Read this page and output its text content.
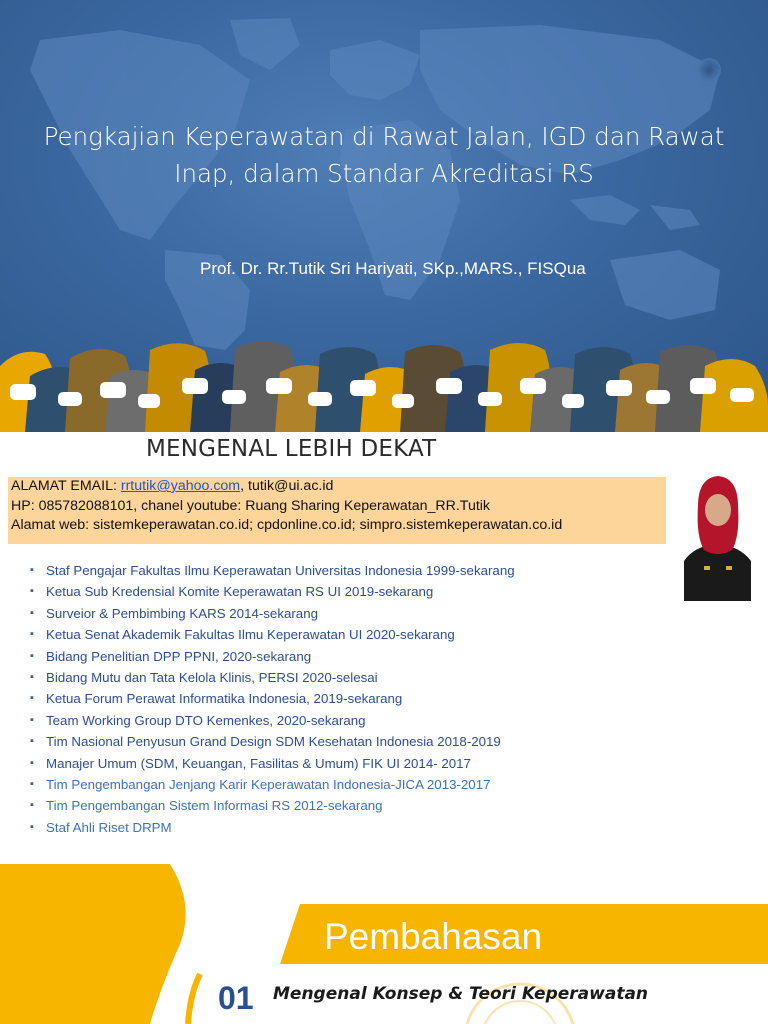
Pengkajian Keperawatan di Rawat Jalan, IGD dan Rawat Inap, dalam Standar Akreditasi RS
Prof. Dr. Rr.Tutik Sri Hariyati, SKp.,MARS., FISQua
MENGENAL LEBIH DEKAT
ALAMAT EMAIL: rrtutik@yahoo.com, tutik@ui.ac.id
HP: 085782088101, chanel youtube: Ruang Sharing Keperawatan_RR.Tutik
Alamat web: sistemkeperawatan.co.id; cpdonline.co.id; simpro.sistemkeperawatan.co.id
▪ Staf Pengajar Fakultas Ilmu Keperawatan Universitas Indonesia 1999-sekarang
▪ Ketua Sub Kredensial Komite Keperawatan RS UI 2019-sekarang
▪ Surveior & Pembimbing KARS 2014-sekarang
▪ Ketua Senat Akademik Fakultas Ilmu Keperawatan UI 2020-sekarang
▪ Bidang Penelitian DPP PPNI, 2020-sekarang
▪ Bidang Mutu dan Tata Kelola Klinis, PERSI 2020-selesai
▪ Ketua Forum Perawat Informatika Indonesia, 2019-sekarang
▪ Team Working Group DTO Kemenkes, 2020-sekarang
▪ Tim Nasional Penyusun Grand Design SDM Kesehatan Indonesia 2018-2019
▪ Manajer Umum (SDM, Keuangan, Fasilitas & Umum) FIK UI 2014- 2017
▪ Tim Pengembangan Jenjang Karir Keperawatan Indonesia-JICA 2013-2017
▪ Tim Pengembangan Sistem Informasi RS 2012-sekarang
▪ Staf Ahli Riset DRPM
Pembahasan
01 Mengenal Konsep & Teori Keperawatan
